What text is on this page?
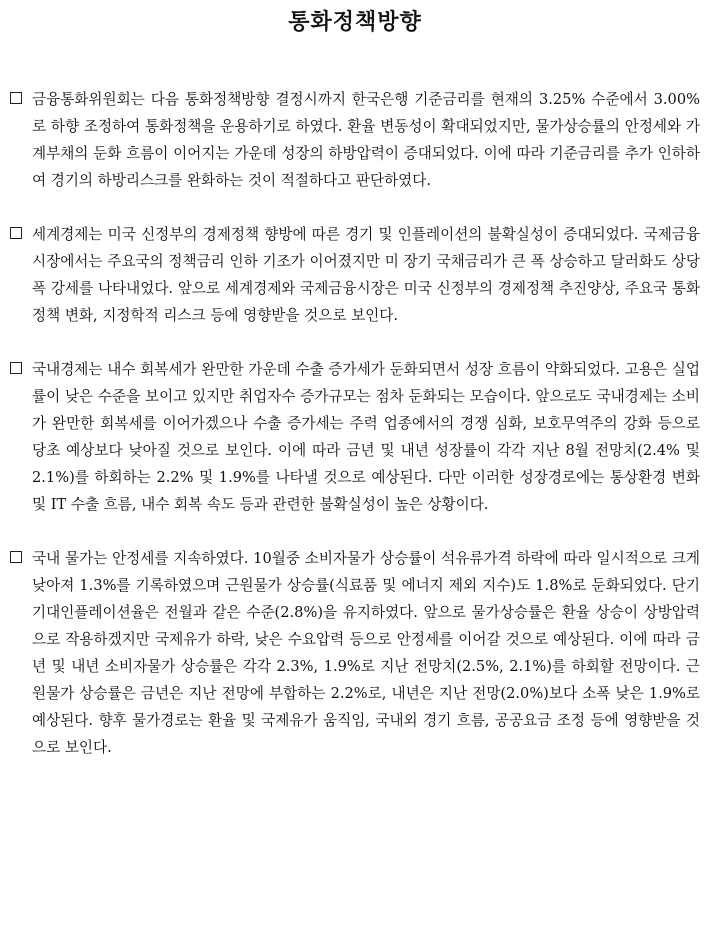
통화정책방향
금융통화위원회는 다음 통화정책방향 결정시까지 한국은행 기준금리를 현재의 3.25% 수준에서 3.00%로 하향 조정하여 통화정책을 운용하기로 하였다. 환율 변동성이 확대되었지만, 물가상승률의 안정세와 가계부채의 둔화 흐름이 이어지는 가운데 성장의 하방압력이 증대되었다. 이에 따라 기준금리를 추가 인하하여 경기의 하방리스크를 완화하는 것이 적절하다고 판단하였다.
세계경제는 미국 신정부의 경제정책 향방에 따른 경기 및 인플레이션의 불확실성이 증대되었다. 국제금융시장에서는 주요국의 정책금리 인하 기조가 이어졌지만 미 장기 국채금리가 큰 폭 상승하고 달러화도 상당폭 강세를 나타내었다. 앞으로 세계경제와 국제금융시장은 미국 신정부의 경제정책 추진양상, 주요국 통화정책 변화, 지정학적 리스크 등에 영향받을 것으로 보인다.
국내경제는 내수 회복세가 완만한 가운데 수출 증가세가 둔화되면서 성장 흐름이 약화되었다. 고용은 실업률이 낮은 수준을 보이고 있지만 취업자수 증가규모는 점차 둔화되는 모습이다. 앞으로도 국내경제는 소비가 완만한 회복세를 이어가겠으나 수출 증가세는 주력 업종에서의 경쟁 심화, 보호무역주의 강화 등으로 당초 예상보다 낮아질 것으로 보인다. 이에 따라 금년 및 내년 성장률이 각각 지난 8월 전망치(2.4% 및 2.1%)를 하회하는 2.2% 및 1.9%를 나타낼 것으로 예상된다. 다만 이러한 성장경로에는 통상환경 변화 및 IT 수출 흐름, 내수 회복 속도 등과 관련한 불확실성이 높은 상황이다.
국내 물가는 안정세를 지속하였다. 10월중 소비자물가 상승률이 석유류가격 하락에 따라 일시적으로 크게 낮아져 1.3%를 기록하였으며 근원물가 상승률(식료품 및 에너지 제외 지수)도 1.8%로 둔화되었다. 단기 기대인플레이션율은 전월과 같은 수준(2.8%)을 유지하였다. 앞으로 물가상승률은 환율 상승이 상방압력으로 작용하겠지만 국제유가 하락, 낮은 수요압력 등으로 안정세를 이어갈 것으로 예상된다. 이에 따라 금년 및 내년 소비자물가 상승률은 각각 2.3%, 1.9%로 지난 전망치(2.5%, 2.1%)를 하회할 전망이다. 근원물가 상승률은 금년은 지난 전망에 부합하는 2.2%로, 내년은 지난 전망(2.0%)보다 소폭 낮은 1.9%로 예상된다. 향후 물가경로는 환율 및 국제유가 움직임, 국내외 경기 흐름, 공공요금 조정 등에 영향받을 것으로 보인다.
